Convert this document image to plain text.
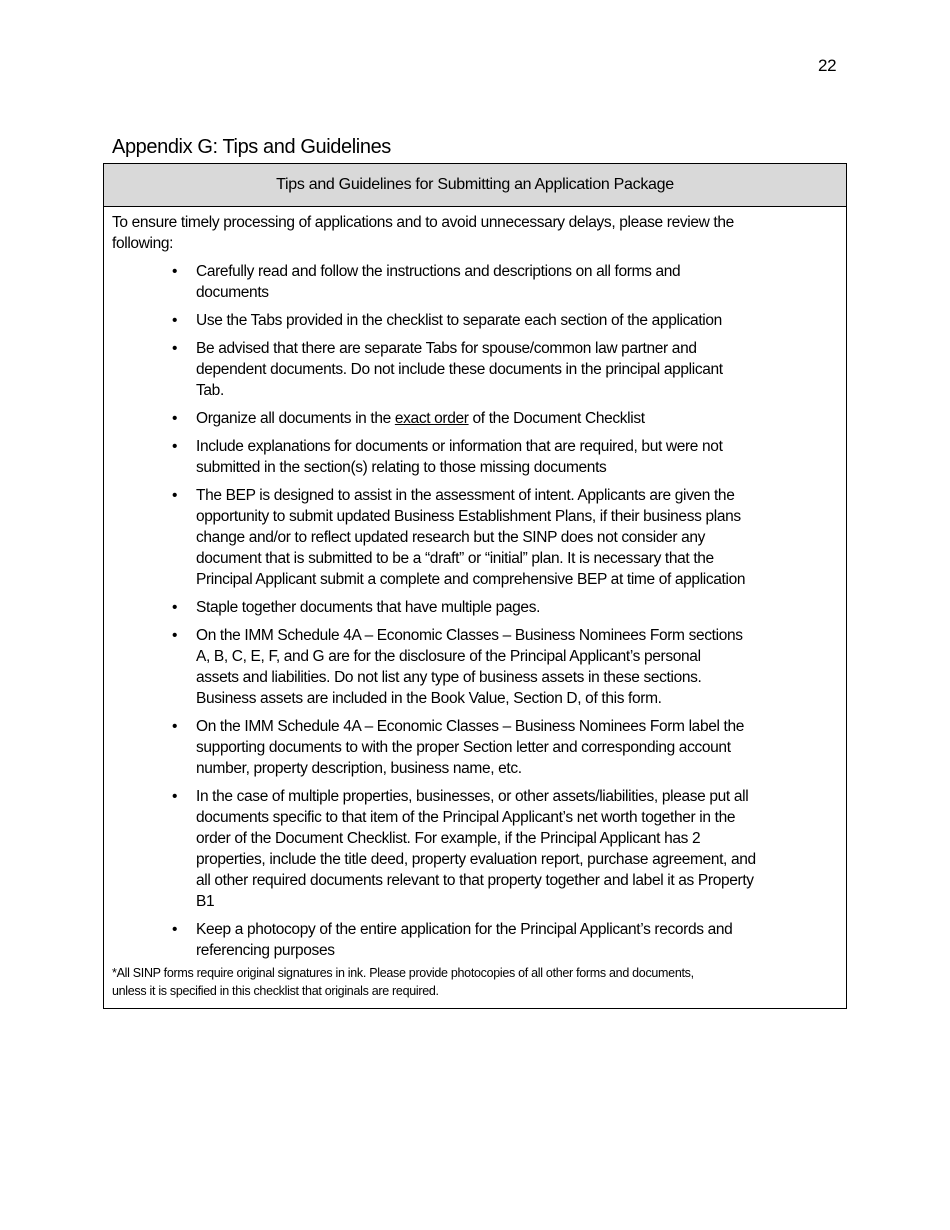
22
Appendix G: Tips and Guidelines
Tips and Guidelines for Submitting an Application Package
To ensure timely processing of applications and to avoid unnecessary delays, please review the
following:
• Carefully read and follow the instructions and descriptions on all forms and
documents
• Use the Tabs provided in the checklist to separate each section of the application
• Be advised that there are separate Tabs for spouse/common law partner and
dependent documents. Do not include these documents in the principal applicant
Tab.
• Organize all documents in the exact order of the Document Checklist
• Include explanations for documents or information that are required, but were not
submitted in the section(s) relating to those missing documents
• The BEP is designed to assist in the assessment of intent. Applicants are given the
opportunity to submit updated Business Establishment Plans, if their business plans
change and/or to reflect updated research but the SINP does not consider any
document that is submitted to be a “draft” or “initial” plan. It is necessary that the
Principal Applicant submit a complete and comprehensive BEP at time of application
• Staple together documents that have multiple pages.
• On the IMM Schedule 4A – Economic Classes – Business Nominees Form sections
A, B, C, E, F, and G are for the disclosure of the Principal Applicant’s personal
assets and liabilities. Do not list any type of business assets in these sections.
Business assets are included in the Book Value, Section D, of this form.
• On the IMM Schedule 4A – Economic Classes – Business Nominees Form label the
supporting documents to with the proper Section letter and corresponding account
number, property description, business name, etc.
• In the case of multiple properties, businesses, or other assets/liabilities, please put all
documents specific to that item of the Principal Applicant’s net worth together in the
order of the Document Checklist. For example, if the Principal Applicant has 2
properties, include the title deed, property evaluation report, purchase agreement, and
all other required documents relevant to that property together and label it as Property
B1
• Keep a photocopy of the entire application for the Principal Applicant’s records and
referencing purposes
*All SINP forms require original signatures in ink. Please provide photocopies of all other forms and documents,
unless it is specified in this checklist that originals are required.
